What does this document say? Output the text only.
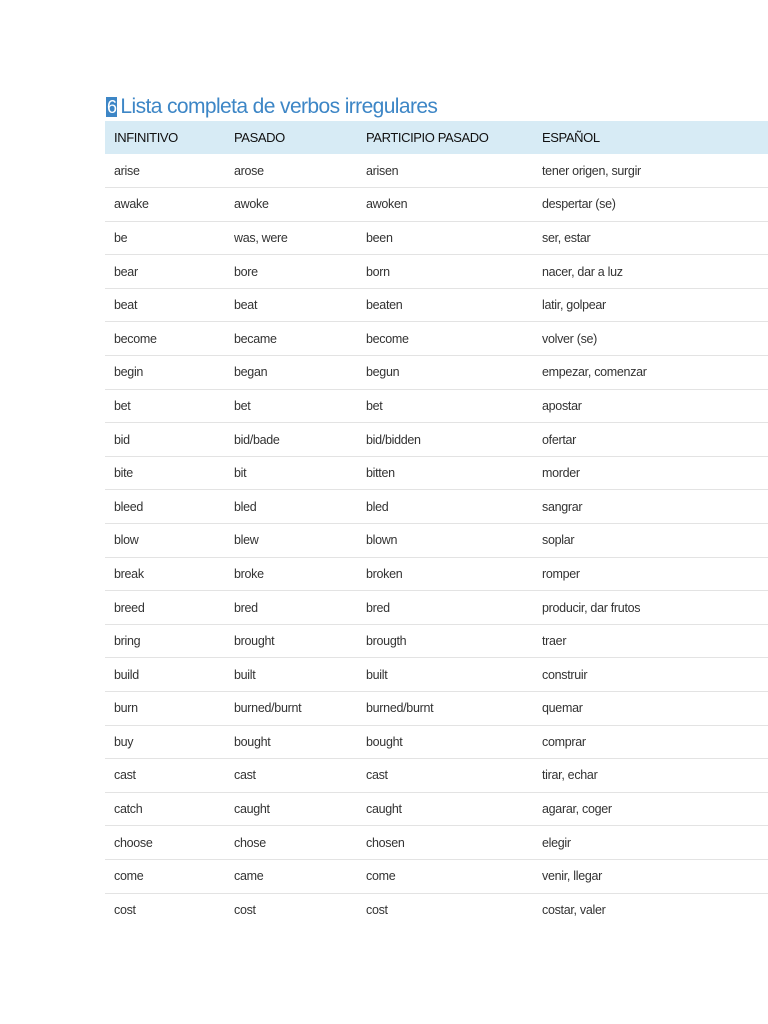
6 Lista completa de verbos irregulares
INFINITIVO	PASADO	PARTICIPIO PASADO	ESPAÑOL
arise	arose	arisen	tener origen, surgir
awake	awoke	awoken	despertar (se)
be	was, were	been	ser, estar
bear	bore	born	nacer, dar a luz
beat	beat	beaten	latir, golpear
become	became	become	volver (se)
begin	began	begun	empezar, comenzar
bet	bet	bet	apostar
bid	bid/bade	bid/bidden	ofertar
bite	bit	bitten	morder
bleed	bled	bled	sangrar
blow	blew	blown	soplar
break	broke	broken	romper
breed	bred	bred	producir, dar frutos
bring	brought	brougth	traer
build	built	built	construir
burn	burned/burnt	burned/burnt	quemar
buy	bought	bought	comprar
cast	cast	cast	tirar, echar
catch	caught	caught	agarar, coger
choose	chose	chosen	elegir
come	came	come	venir, llegar
cost	cost	cost	costar, valer
